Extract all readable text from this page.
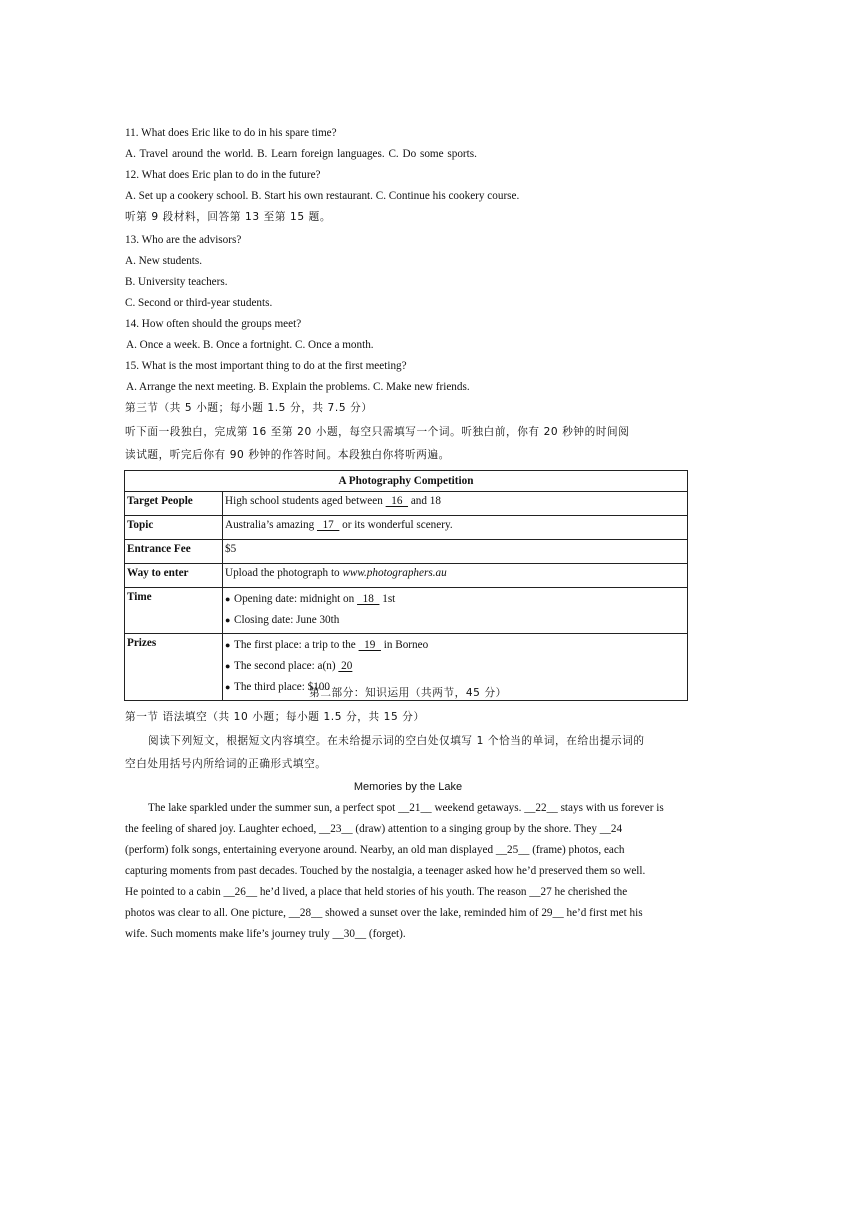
11. What does Eric like to do in his spare time?
A. Travel around the world. B. Learn foreign languages. C. Do some sports.
12. What does Eric plan to do in the future?
A. Set up a cookery school. B. Start his own restaurant. C. Continue his cookery course.
听第 9 段材料，回答第 13 至第 15 题。
13. Who are the advisors?
A. New students.
B. University teachers.
C. Second or third-year students.
14. How often should the groups meet?
A. Once a week. B. Once a fortnight. C. Once a month.
15. What is the most important thing to do at the first meeting?
A. Arrange the next meeting. B. Explain the problems. C. Make new friends.
第三节（共 5 小题；每小题 1.5 分，共 7.5 分）
听下面一段独白，完成第 16 至第 20 小题，每空只需填写一个词。听独白前，你有 20 秒钟的时间阅
读试题，听完后你有 90 秒钟的作答时间。本段独白你将听两遍。
A Photography Competition	
Target People	High school students aged between   16   and 18
Topic	Australia’s amazing   17   or its wonderful scenery.
Entrance Fee	$5
Way to enter	Upload the photograph to www.photographers.au
Time	● Opening date: midnight on   18   1st
● Closing date: June 30th

Prizes	● The first place: a trip to the   19   in Borneo
● The second place: a(n)  20
● The third place: $100
第二部分：知识运用（共两节，45 分）
第一节 语法填空（共 10 小题；每小题 1.5 分，共 15 分）
阅读下列短文，根据短文内容填空。在未给提示词的空白处仅填写 1 个恰当的单词，在给出提示词的
空白处用括号内所给词的正确形式填空。
Memories by the Lake
The lake sparkled under the summer sun, a perfect spot __21__ weekend getaways. __22__ stays with us forever is
the feeling of shared joy. Laughter echoed, __23__ (draw) attention to a singing group by the shore. They __24
(perform) folk songs, entertaining everyone around. Nearby, an old man displayed __25__ (frame) photos, each
capturing moments from past decades. Touched by the nostalgia, a teenager asked how he’d preserved them so well.
He pointed to a cabin __26__ he’d lived, a place that held stories of his youth. The reason __27 he cherished the
photos was clear to all. One picture, __28__ showed a sunset over the lake, reminded him of 29__ he’d first met his
wife. Such moments make life’s journey truly __30__ (forget).
